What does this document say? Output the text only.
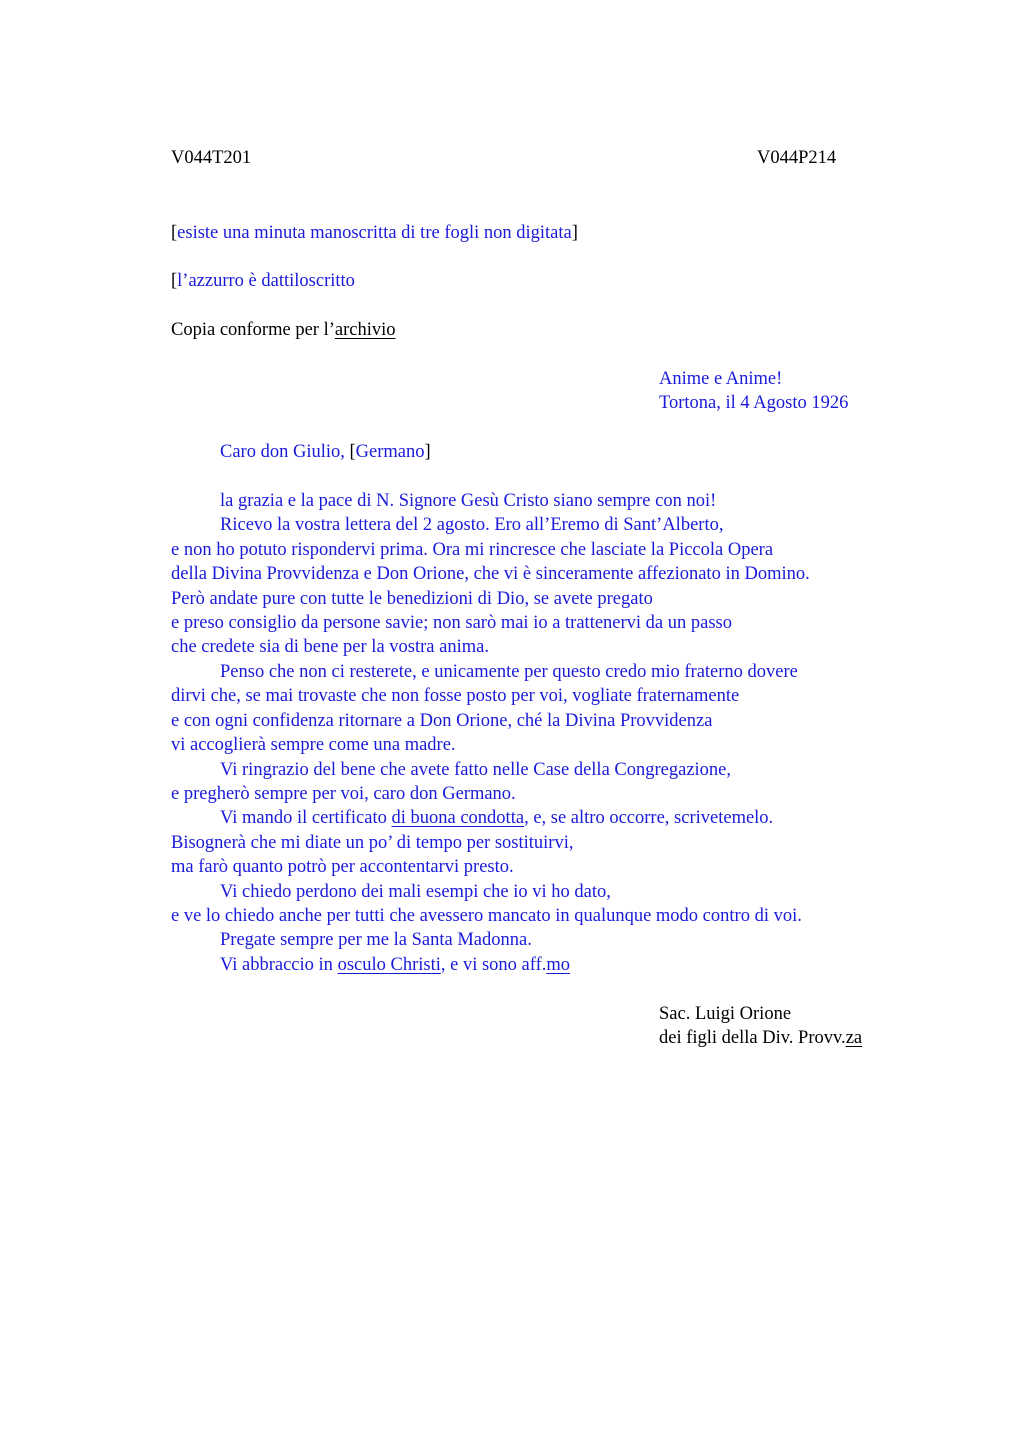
V044T201	V044P214
[esiste una minuta manoscritta di tre fogli non digitata]
[l’azzurro è dattiloscritto
Copia conforme per l’archivio
Anime e Anime!
Tortona, il 4 Agosto 1926
Caro don Giulio, [Germano]
la grazia e la pace di N. Signore Gesù Cristo siano sempre con noi!
Ricevo la vostra lettera del 2 agosto. Ero all’Eremo di Sant’Alberto,
e non ho potuto rispondervi prima. Ora mi rincresce che lasciate la Piccola Opera
della Divina Provvidenza e Don Orione, che vi è sinceramente affezionato in Domino.
Però andate pure con tutte le benedizioni di Dio, se avete pregato
e preso consiglio da persone savie; non sarò mai io a trattenervi da un passo
che credete sia di bene per la vostra anima.
Penso che non ci resterete, e unicamente per questo credo mio fraterno dovere
dirvi che, se mai trovaste che non fosse posto per voi, vogliate fraternamente
e con ogni confidenza ritornare a Don Orione, ché la Divina Provvidenza
vi accoglierà sempre come una madre.
Vi ringrazio del bene che avete fatto nelle Case della Congregazione,
e pregherò sempre per voi, caro don Germano.
Vi mando il certificato di buona condotta, e, se altro occorre, scrivetemelo.
Bisognerà che mi diate un po’ di tempo per sostituirvi,
ma farò quanto potrò per accontentarvi presto.
Vi chiedo perdono dei mali esempi che io vi ho dato,
e ve lo chiedo anche per tutti che avessero mancato in qualunque modo contro di voi.
Pregate sempre per me la Santa Madonna.
Vi abbraccio in osculo Christi, e vi sono aff.mo
Sac. Luigi Orione
dei figli della Div. Provv.za
